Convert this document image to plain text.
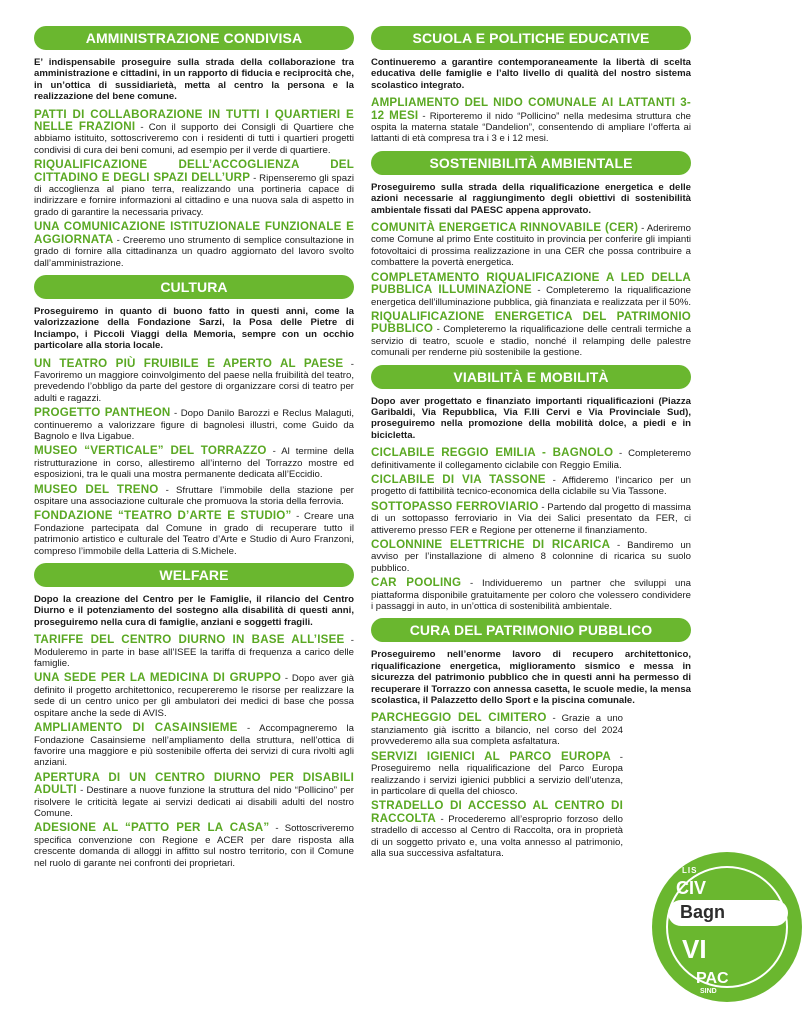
AMMINISTRAZIONE CONDIVISA

E’ indispensabile proseguire sulla strada della collaborazione tra amministrazione e cittadini, in un rapporto di fiducia e reciprocità che, in un’ottica di sussidiarietà, metta al centro la persona e la realizzazione del bene comune.

PATTI DI COLLABORAZIONE IN TUTTI I QUARTIERI E NELLE FRAZIONI - Con il supporto dei Consigli di Quartiere che abbiamo istituito, sottoscriveremo con i residenti di tutti i quartieri progetti condivisi di cura dei beni comuni, ad esempio per il verde di quartiere.

RIQUALIFICAZIONE DELL’ACCOGLIENZA DEL CITTADINO E DEGLI SPAZI DELL’URP - Ripenseremo gli spazi di accoglienza al piano terra, realizzando una portineria capace di indirizzare e fornire informazioni al cittadino e una nuova sala di aspetto in grado di garantire la necessaria privacy.

UNA COMUNICAZIONE ISTITUZIONALE FUNZIONALE E AGGIORNATA - Creeremo uno strumento di semplice consultazione in grado di fornire alla cittadinanza un quadro aggiornato del lavoro svolto dall’amministrazione.

CULTURA

Proseguiremo in quanto di buono fatto in questi anni, come la valorizzazione della Fondazione Sarzi, la Posa delle Pietre di Inciampo, i Piccoli Viaggi della Memoria, sempre con un occhio particolare alla storia locale.

UN TEATRO PIÙ FRUIBILE E APERTO AL PAESE - Favoriremo un maggiore coinvolgimento del paese nella fruibilità del teatro, prevedendo l’obbligo da parte del gestore di organizzare corsi di teatro per adulti e ragazzi.

PROGETTO PANTHEON - Dopo Danilo Barozzi e Reclus Malaguti, continueremo a valorizzare figure di bagnolesi illustri, come Guido da Bagnolo e Ilva Ligabue.

MUSEO “VERTICALE” DEL TORRAZZO - Al termine della ristrutturazione in corso, allestiremo all’interno del Torrazzo mostre ed esposizioni, tra le quali una mostra permanente dedicata all’Eccidio.

MUSEO DEL TRENO - Sfruttare l’immobile della stazione per ospitare una associazione culturale che promuova la storia della ferrovia.

FONDAZIONE “TEATRO D’ARTE E STUDIO” - Creare una Fondazione partecipata dal Comune in grado di recuperare tutto il patrimonio artistico e culturale del Teatro d’Arte e Studio di Auro Franzoni, compreso l’immobile della Latteria di S.Michele.

WELFARE

Dopo la creazione del Centro per le Famiglie, il rilancio del Centro Diurno e il potenziamento del sostegno alla disabilità di questi anni, proseguiremo nella cura di famiglie, anziani e soggetti fragili.

TARIFFE DEL CENTRO DIURNO IN BASE ALL’ISEE - Moduleremo in parte in base all’ISEE la tariffa di frequenza a carico delle famiglie.

UNA SEDE PER LA MEDICINA DI GRUPPO - Dopo aver già definito il progetto architettonico, recupereremo le risorse per realizzare la sede di un centro unico per gli ambulatori dei medici di base che possa ospitare anche la sede di AVIS.

AMPLIAMENTO DI CASAINSIEME - Accompagneremo la Fondazione Casainsieme nell’ampliamento della struttura, nell’ottica di favorire una maggiore e più sostenibile offerta dei servizi di cura rivolti agli anziani.

APERTURA DI UN CENTRO DIURNO PER DISABILI ADULTI - Destinare a nuove funzione la struttura del nido “Pollicino” per risolvere le criticità legate ai servizi dedicati ai disabili adulti del nostro Comune.

ADESIONE AL “PATTO PER LA CASA” - Sottoscriveremo specifica convenzione con Regione e ACER per dare risposta alla crescente domanda di alloggi in affitto sul nostro territorio, con il Comune nel ruolo di garante nei confronti dei proprietari.

SCUOLA E POLITICHE EDUCATIVE

Continueremo a garantire contemporaneamente la libertà di scelta educativa delle famiglie e l’alto livello di qualità del nostro sistema scolastico integrato.

AMPLIAMENTO DEL NIDO COMUNALE AI LATTANTI 3-12 MESI - Riporteremo il nido “Pollicino” nella medesima struttura che ospita la materna statale “Dandelion”, consentendo di ampliare l’offerta ai lattanti di età compresa tra i 3 e i 12 mesi.

SOSTENIBILITÀ AMBIENTALE

Proseguiremo sulla strada della riqualificazione energetica e delle azioni necessarie al raggiungimento degli obiettivi di sostenibilità ambientale fissati dal PAESC appena approvato.

COMUNITÀ ENERGETICA RINNOVABILE (CER) - Aderiremo come Comune al primo Ente costituito in provincia per conferire gli impianti fotovoltaici di prossima realizzazione in una CER che possa contribuire a combattere la povertà energetica.

COMPLETAMENTO RIQUALIFICAZIONE A LED DELLA PUBBLICA ILLUMINAZIONE - Completeremo la riqualificazione energetica dell’illuminazione pubblica, già finanziata e realizzata per il 50%.

RIQUALIFICAZIONE ENERGETICA DEL PATRIMONIO PUBBLICO - Completeremo la riqualificazione delle centrali termiche a servizio di teatro, scuole e stadio, nonché il relamping delle palestre comunali per renderne più sostenibile la gestione.

VIABILITÀ E MOBILITÀ

Dopo aver progettato e finanziato importanti riqualificazioni (Piazza Garibaldi, Via Repubblica, Via F.lli Cervi e Via Provinciale Sud), proseguiremo nella promozione della mobilità dolce, a piedi e in bicicletta.

CICLABILE REGGIO EMILIA - BAGNOLO - Completeremo definitivamente il collegamento ciclabile con Reggio Emilia.

CICLABILE DI VIA TASSONE - Affideremo l’incarico per un progetto di fattibilità tecnico-economica della ciclabile su Via Tassone.

SOTTOPASSO FERROVIARIO - Partendo dal progetto di massima di un sottopasso ferroviario in Via dei Salici presentato da FER, ci attiveremo presso FER e Regione per ottenerne il finanziamento.

COLONNINE ELETTRICHE DI RICARICA - Bandiremo un avviso per l’installazione di almeno 8 colonnine di ricarica su suolo pubblico.

CAR POOLING - Individueremo un partner che sviluppi una piattaforma disponibile gratuitamente per coloro che volessero condividere i passaggi in auto, in un’ottica di sostenibilità ambientale.

CURA DEL PATRIMONIO PUBBLICO

Proseguiremo nell’enorme lavoro di recupero architettonico, riqualificazione energetica, miglioramento sismico e messa in sicurezza del patrimonio pubblico che in questi anni ha permesso di recuperare il Torrazzo con annessa casetta, le scuole medie, la mensa scolastica, il Palazzetto dello Sport e la piscina comunale.

PARCHEGGIO DEL CIMITERO - Grazie a uno stanziamento già iscritto a bilancio, nel corso del 2024 provvederemo alla sua completa asfaltatura.

SERVIZI IGIENICI AL PARCO EUROPA - Proseguiremo nella riqualificazione del Parco Europa realizzando i servizi igienici pubblici a servizio dell’utenza, in particolare di quella del chiosco.

STRADELLO DI ACCESSO AL CENTRO DI RACCOLTA - Procederemo all’esproprio forzoso dello stradello di accesso al Centro di Raccolta, ora in proprietà di un soggetto privato e, una volta annesso al patrimonio, alla sua successiva asfaltatura.

LIS
CIV
Bagn
VI
PAC
SIND
